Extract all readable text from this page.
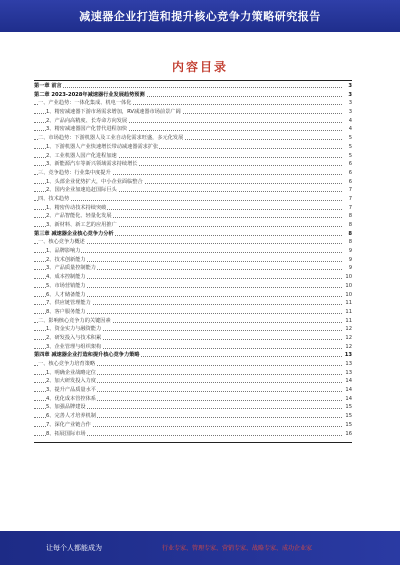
减速器企业打造和提升核心竞争力策略研究报告
内容目录
第一章 前言	3
第二章 2023-2028年减速器行业发展趋势预测	3
一、产业趋势：一体化集成、机电一体化	3
1、精密减速器下游市场需求增加，RV减速器市场前景广阔	3
2、产品向高精度、长寿命方向发展	4
3、精密减速器国产化替代进程加快	4
二、市场趋势：下游机器人及工业自动化需求旺盛，多元化发展	5
1、下游机器人产业快速增长带动减速器需求扩张	5
2、工业机器人国产化进程加速	5
3、新能源汽车等新兴领域需求持续增长	6
三、竞争趋势：行业集中度提升	6
1、头部企业优势扩大，中小企业面临整合	6
2、国内企业加速追赶国际巨头	7
四、技术趋势	7
1、精密传动技术持续突破	7
2、产品智能化、轻量化发展	8
3、新材料、新工艺的应用推广	8
第三章 减速器企业核心竞争力分析	8
一、核心竞争力概述	8
1、品牌影响力	9
2、技术创新能力	9
3、产品质量控制能力	9
4、成本控制能力	10
5、市场营销能力	10
6、人才储备能力	10
7、供应链管理能力	11
8、客户服务能力	11
二、影响核心竞争力的关键因素	11
1、资金实力与融资能力	12
2、研发投入与技术积累	12
3、企业管理与组织架构	12
第四章 减速器企业打造和提升核心竞争力策略	13
一、核心竞争力培育策略	13
1、明确企业战略定位	13
2、加大研发投入力度	14
3、提升产品质量水平	14
4、优化成本管控体系	14
5、加强品牌建设	15
6、完善人才培养机制	15
7、深化产业链合作	15
8、拓展国际市场	16
让每个人都能成为	行业专家、管理专家、营销专家、战略专家、成功企业家
